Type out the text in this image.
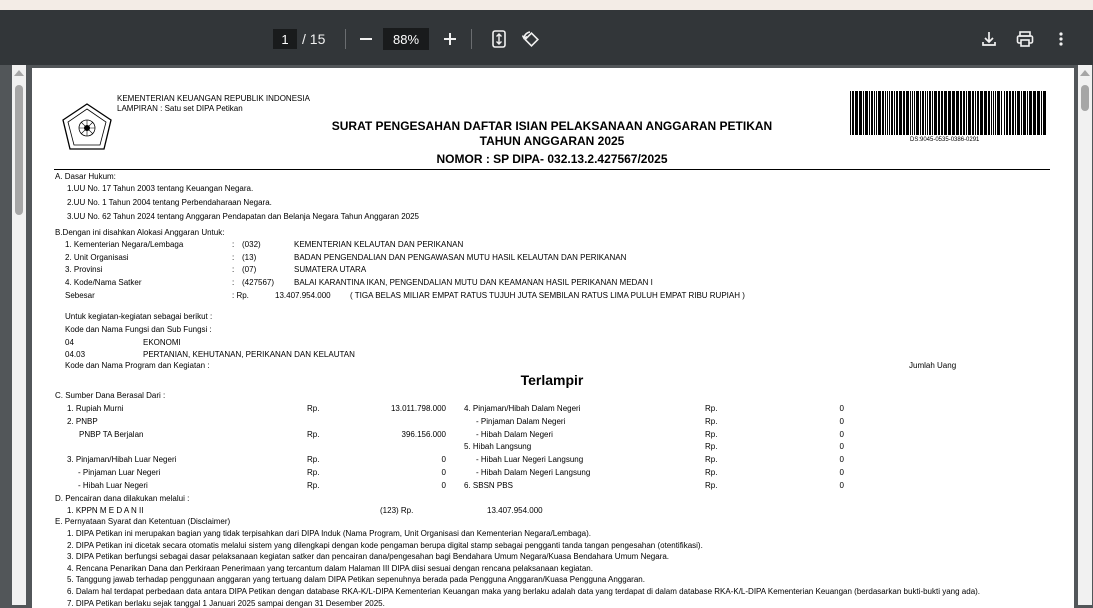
1 / 15	88%
KEMENTERIAN KEUANGAN REPUBLIK INDONESIA
LAMPIRAN : Satu set DIPA Petikan
SURAT PENGESAHAN DAFTAR ISIAN PELAKSANAAN ANGGARAN PETIKAN
TAHUN ANGGARAN 2025
NOMOR : SP DIPA- 032.13.2.427567/2025
DS:9045-0535-0386-0291
A. Dasar Hukum:
1.UU No. 17 Tahun 2003 tentang Keuangan Negara.
2.UU No. 1 Tahun 2004 tentang Perbendaharaan Negara.
3.UU No. 62 Tahun 2024 tentang Anggaran Pendapatan dan Belanja Negara Tahun Anggaran 2025
B.Dengan ini disahkan Alokasi Anggaran Untuk:
1. Kementerian Negara/Lembaga	: (032)	KEMENTERIAN KELAUTAN DAN PERIKANAN
2. Unit Organisasi	: (13)	BADAN PENGENDALIAN DAN PENGAWASAN MUTU HASIL KELAUTAN DAN PERIKANAN
3. Provinsi	: (07)	SUMATERA UTARA
4. Kode/Nama Satker	: (427567) BALAI KARANTINA IKAN, PENGENDALIAN MUTU DAN KEAMANAN HASIL PERIKANAN MEDAN I
Sebesar	: Rp.	13.407.954.000 ( TIGA BELAS MILIAR EMPAT RATUS TUJUH JUTA SEMBILAN RATUS LIMA PULUH EMPAT RIBU RUPIAH )
Untuk kegiatan-kegiatan sebagai berikut :
Kode dan Nama Fungsi dan Sub Fungsi :
04	EKONOMI
04.03	PERTANIAN, KEHUTANAN, PERIKANAN DAN KELAUTAN
Kode dan Nama Program dan Kegiatan :	Jumlah Uang
Terlampir
C. Sumber Dana Berasal Dari :
1. Rupiah Murni	Rp.	13.011.798.000
2. PNBP
PNBP TA Berjalan	Rp.	396.156.000
3. Pinjaman/Hibah Luar Negeri	Rp.	0
- Pinjaman Luar Negeri	Rp.	0
- Hibah Luar Negeri	Rp.	0
4. Pinjaman/Hibah Dalam Negeri	Rp.	0
- Pinjaman Dalam Negeri	Rp.	0
- Hibah Dalam Negeri	Rp.	0
5. Hibah Langsung	Rp.	0
- Hibah Luar Negeri Langsung	Rp.	0
- Hibah Dalam Negeri Langsung	Rp.	0
6. SBSN PBS	Rp.	0
D. Pencairan dana dilakukan melalui :
1. KPPN M E D A N II	(123) Rp.	13.407.954.000
E. Pernyataan Syarat dan Ketentuan (Disclaimer)
1. DIPA Petikan ini merupakan bagian yang tidak terpisahkan dari DIPA Induk (Nama Program, Unit Organisasi dan Kementerian Negara/Lembaga).
2. DIPA Petikan ini dicetak secara otomatis melalui sistem yang dilengkapi dengan kode pengaman berupa digital stamp sebagai pengganti tanda tangan pengesahan (otentifikasi).
3. DIPA Petikan berfungsi sebagai dasar pelaksanaan kegiatan satker dan pencairan dana/pengesahan bagi Bendahara Umum Negara/Kuasa Bendahara Umum Negara.
4. Rencana Penarikan Dana dan Perkiraan Penerimaan yang tercantum dalam Halaman III DIPA diisi sesuai dengan rencana pelaksanaan kegiatan.
5. Tanggung jawab terhadap penggunaan anggaran yang tertuang dalam DIPA Petikan sepenuhnya berada pada Pengguna Anggaran/Kuasa Pengguna Anggaran.
6. Dalam hal terdapat perbedaan data antara DIPA Petikan dengan database RKA-K/L-DIPA Kementerian Keuangan maka yang berlaku adalah data yang terdapat di dalam database RKA-K/L-DIPA Kementerian Keuangan (berdasarkan bukti-bukti yang ada).
7. DIPA Petikan berlaku sejak tanggal 1 Januari 2025 sampai dengan 31 Desember 2025.
